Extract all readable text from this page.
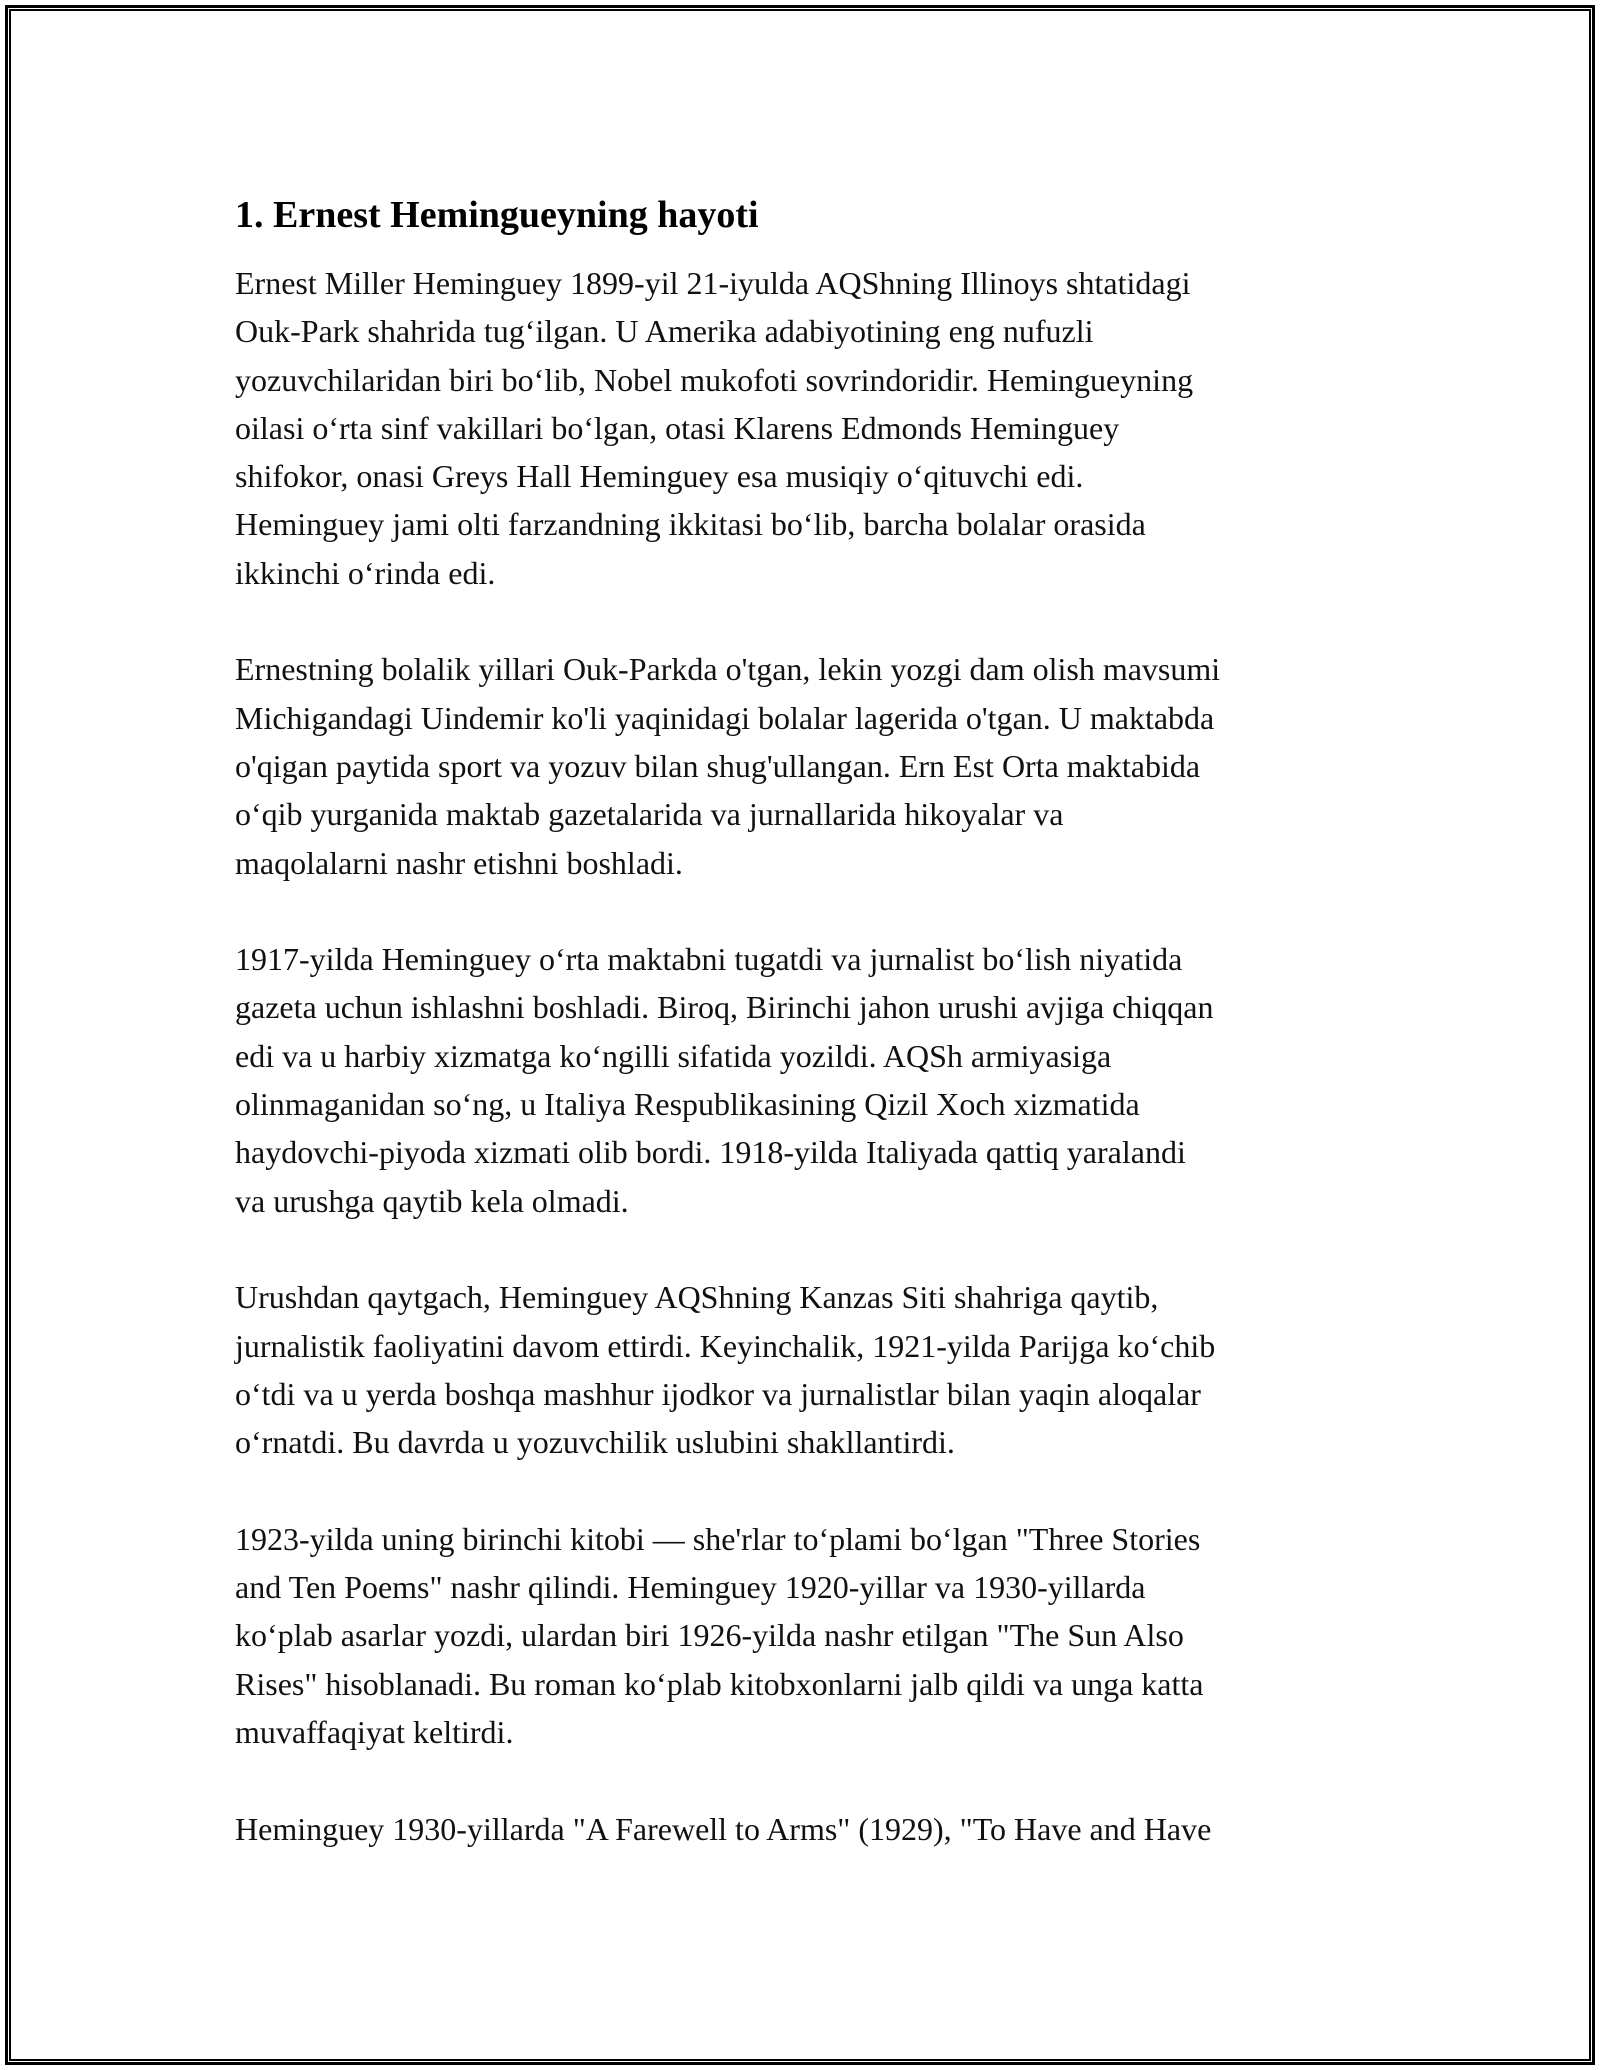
1. Ernest Hemingueyning hayoti

Ernest Miller Heminguey 1899-yil 21-iyulda AQShning Illinoys shtatidagi
Ouk-Park shahrida tug‘ilgan. U Amerika adabiyotining eng nufuzli
yozuvchilaridan biri bo‘lib, Nobel mukofoti sovrindoridir. Hemingueyning
oilasi o‘rta sinf vakillari bo‘lgan, otasi Klarens Edmonds Heminguey
shifokor, onasi Greys Hall Heminguey esa musiqiy o‘qituvchi edi.
Heminguey jami olti farzandning ikkitasi bo‘lib, barcha bolalar orasida
ikkinchi o‘rinda edi.

Ernestning bolalik yillari Ouk-Parkda o'tgan, lekin yozgi dam olish mavsumi
Michigandagi Uindemir ko'li yaqinidagi bolalar lagerida o'tgan. U maktabda
o'qigan paytida sport va yozuv bilan shug'ullangan. Ern Est Orta maktabida
o‘qib yurganida maktab gazetalarida va jurnallarida hikoyalar va
maqolalarni nashr etishni boshladi.

1917-yilda Heminguey o‘rta maktabni tugatdi va jurnalist bo‘lish niyatida
gazeta uchun ishlashni boshladi. Biroq, Birinchi jahon urushi avjiga chiqqan
edi va u harbiy xizmatga ko‘ngilli sifatida yozildi. AQSh armiyasiga
olinmaganidan so‘ng, u Italiya Respublikasining Qizil Xoch xizmatida
haydovchi-piyoda xizmati olib bordi. 1918-yilda Italiyada qattiq yaralandi
va urushga qaytib kela olmadi.

Urushdan qaytgach, Heminguey AQShning Kanzas Siti shahriga qaytib,
jurnalistik faoliyatini davom ettirdi. Keyinchalik, 1921-yilda Parijga ko‘chib
o‘tdi va u yerda boshqa mashhur ijodkor va jurnalistlar bilan yaqin aloqalar
o‘rnatdi. Bu davrda u yozuvchilik uslubini shakllantirdi.

1923-yilda uning birinchi kitobi — she'rlar to‘plami bo‘lgan "Three Stories
and Ten Poems" nashr qilindi. Heminguey 1920-yillar va 1930-yillarda
ko‘plab asarlar yozdi, ulardan biri 1926-yilda nashr etilgan "The Sun Also
Rises" hisoblanadi. Bu roman ko‘plab kitobxonlarni jalb qildi va unga katta
muvaffaqiyat keltirdi.

Heminguey 1930-yillarda "A Farewell to Arms" (1929), "To Have and Have
